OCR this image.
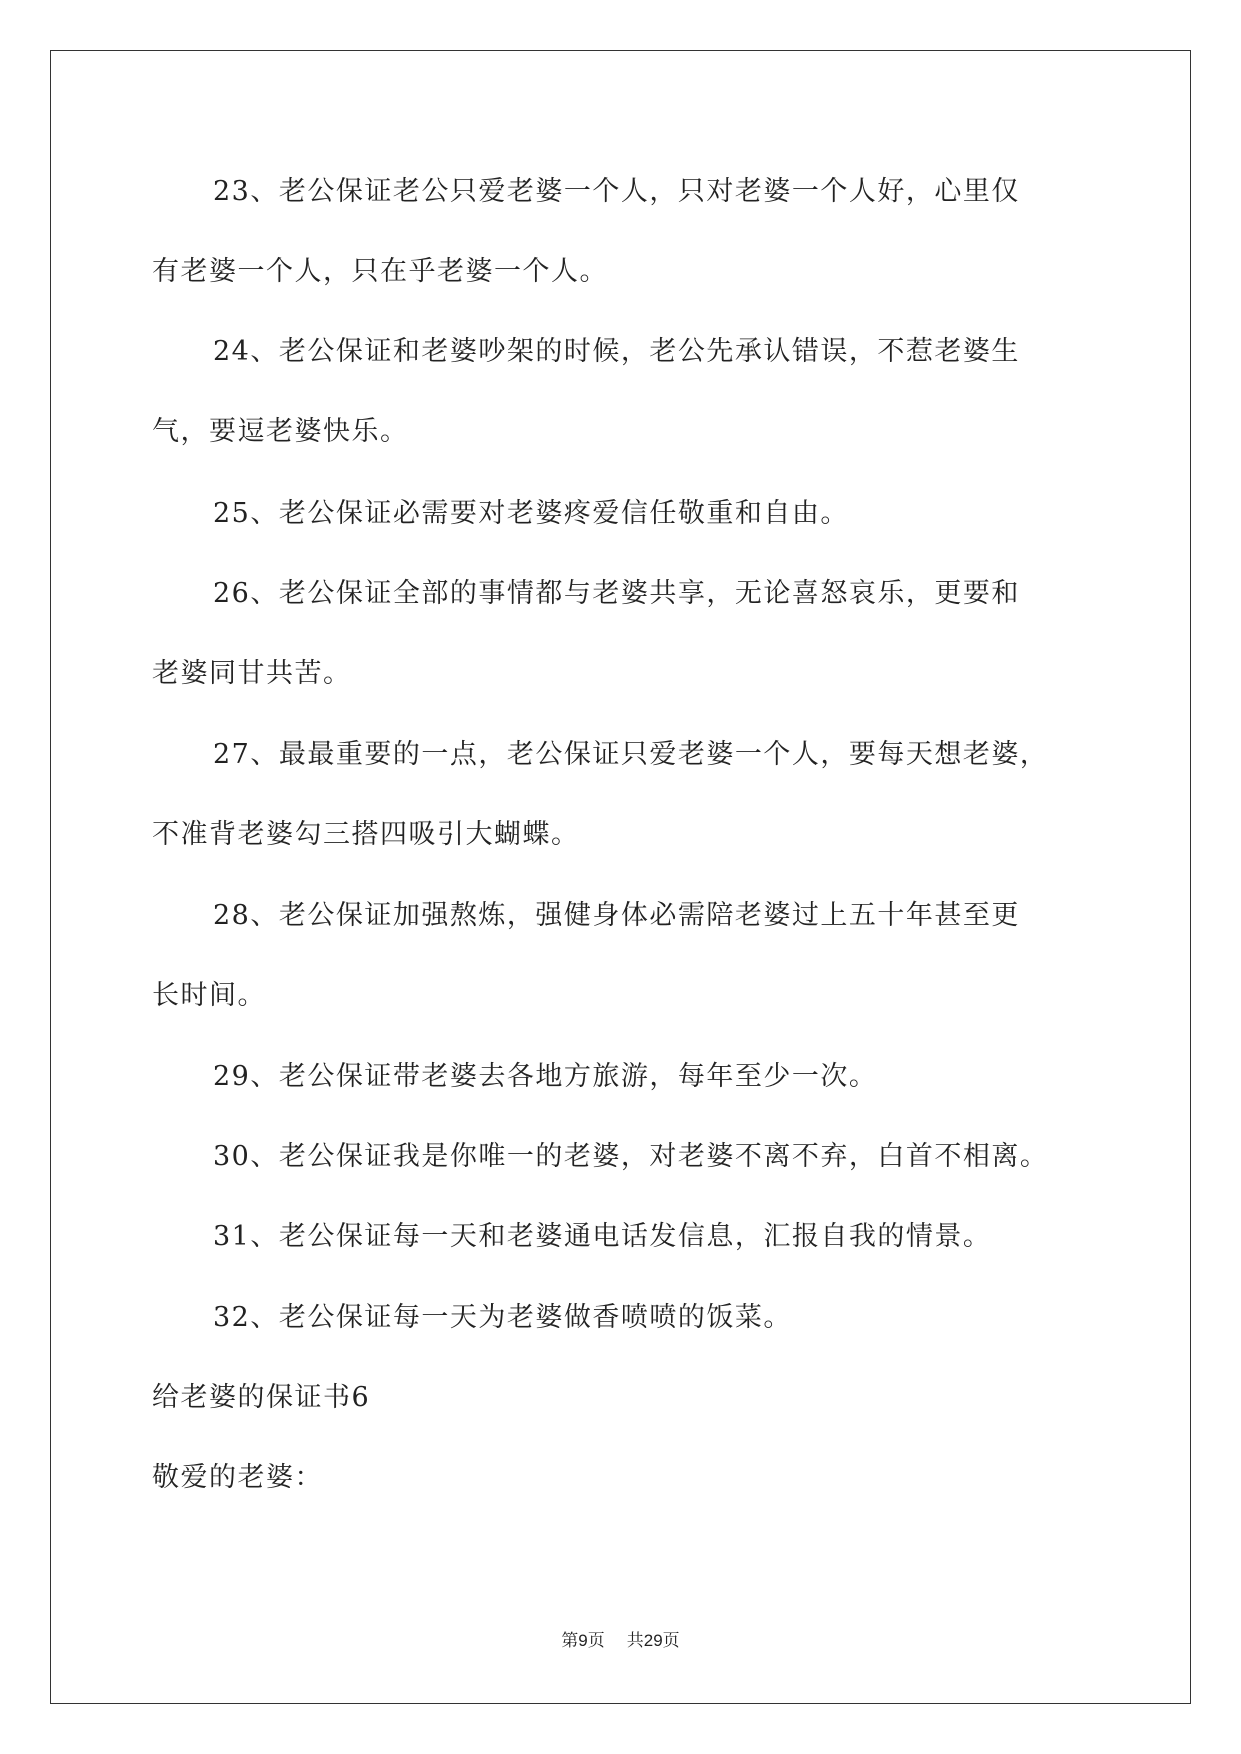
23、老公保证老公只爱老婆一个人，只对老婆一个人好，心里仅
有老婆一个人，只在乎老婆一个人。
24、老公保证和老婆吵架的时候，老公先承认错误，不惹老婆生
气，要逗老婆快乐。
25、老公保证必需要对老婆疼爱信任敬重和自由。
26、老公保证全部的事情都与老婆共享，无论喜怒哀乐，更要和
老婆同甘共苦。
27、最最重要的一点，老公保证只爱老婆一个人，要每天想老婆，
不准背老婆勾三搭四吸引大蝴蝶。
28、老公保证加强熬炼，强健身体必需陪老婆过上五十年甚至更
长时间。
29、老公保证带老婆去各地方旅游，每年至少一次。
30、老公保证我是你唯一的老婆，对老婆不离不弃，白首不相离。
31、老公保证每一天和老婆通电话发信息，汇报自我的情景。
32、老公保证每一天为老婆做香喷喷的饭菜。
给老婆的保证书6
敬爱的老婆：
第9页 共29页
